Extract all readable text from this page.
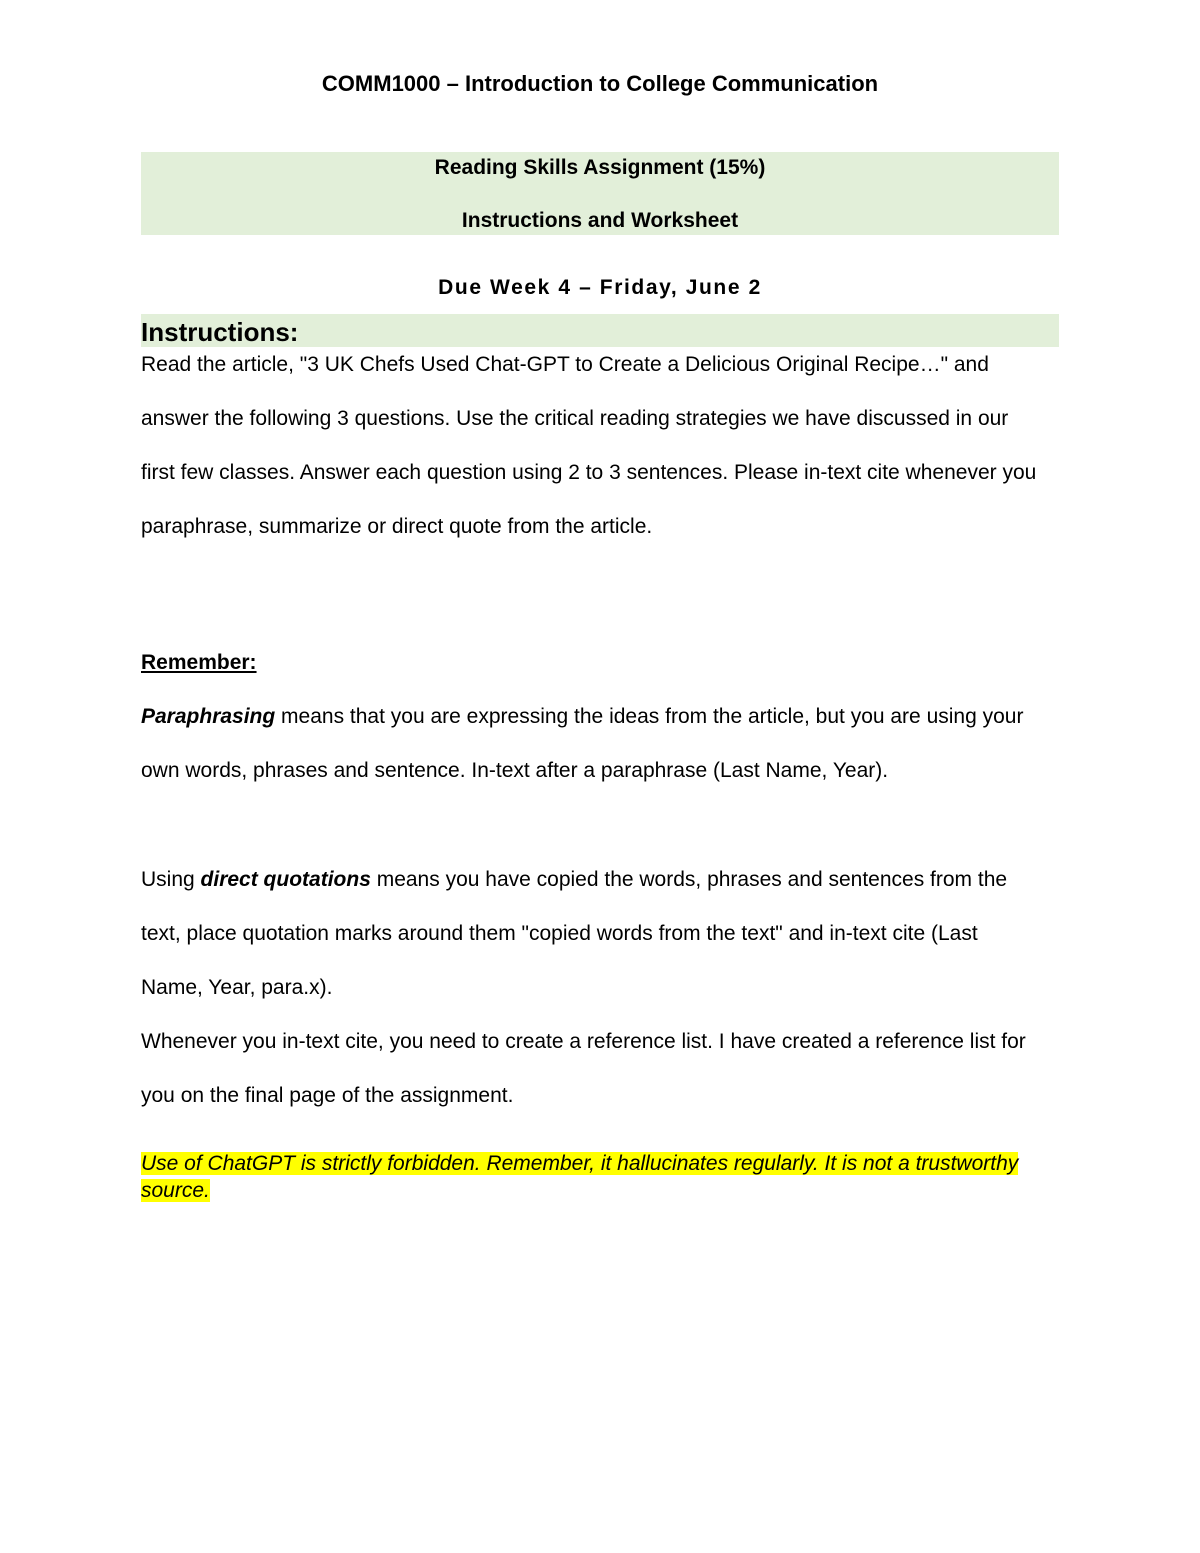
COMM1000 – Introduction to College Communication
Reading Skills Assignment (15%)
Instructions and Worksheet
Due Week 4 – Friday, June 2
Instructions:
Read the article, "3 UK Chefs Used Chat-GPT to Create a Delicious Original Recipe…" and answer the following 3 questions. Use the critical reading strategies we have discussed in our first few classes. Answer each question using 2 to 3 sentences. Please in-text cite whenever you paraphrase, summarize or direct quote from the article.
Remember:
Paraphrasing means that you are expressing the ideas from the article, but you are using your own words, phrases and sentence. In-text after a paraphrase (Last Name, Year).
Using direct quotations means you have copied the words, phrases and sentences from the text, place quotation marks around them "copied words from the text" and in-text cite (Last Name, Year, para.x).
Whenever you in-text cite, you need to create a reference list. I have created a reference list for you on the final page of the assignment.
Use of ChatGPT is strictly forbidden. Remember, it hallucinates regularly. It is not a trustworthy source.
